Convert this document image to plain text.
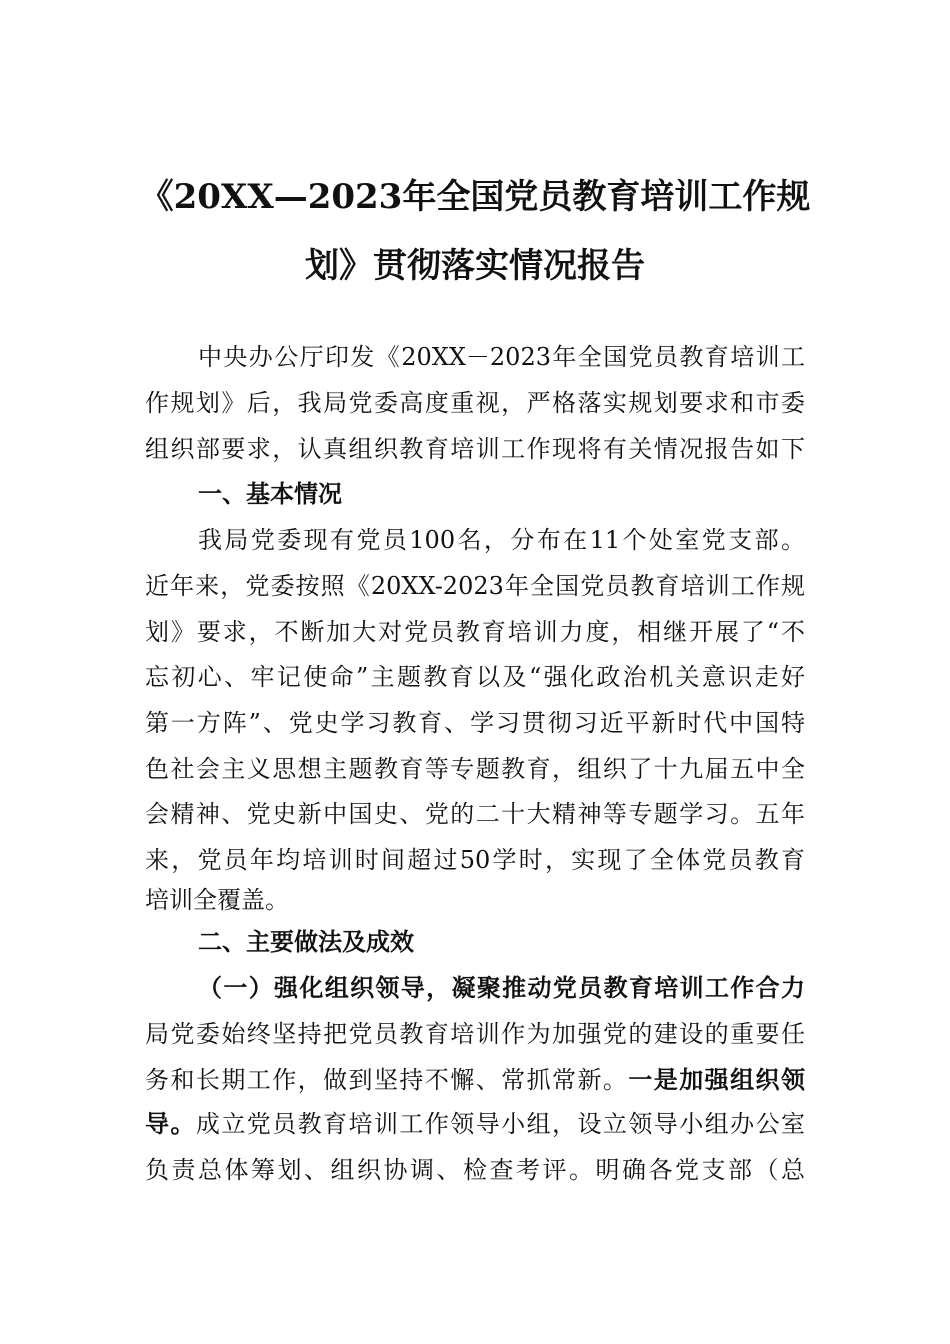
《20XX—2023年全国党员教育培训工作规
划》贯彻落实情况报告
中央办公厅印发《20XX－2023年全国党员教育培训工
作规划》后，我局党委高度重视，严格落实规划要求和市委
组织部要求，认真组织教育培训工作现将有关情况报告如下
一、基本情况
我局党委现有党员100名，分布在11个处室党支部。
近年来，党委按照《20XX-2023年全国党员教育培训工作规
划》要求，不断加大对党员教育培训力度，相继开展了“不
忘初心、牢记使命”主题教育以及“强化政治机关意识走好
第一方阵”、党史学习教育、学习贯彻习近平新时代中国特
色社会主义思想主题教育等专题教育，组织了十九届五中全
会精神、党史新中国史、党的二十大精神等专题学习。五年
来，党员年均培训时间超过50学时，实现了全体党员教育
培训全覆盖。
二、主要做法及成效
（一）强化组织领导，凝聚推动党员教育培训工作合力
局党委始终坚持把党员教育培训作为加强党的建设的重要任
务和长期工作，做到坚持不懈、常抓常新。一是加强组织领
导。成立党员教育培训工作领导小组，设立领导小组办公室
负责总体筹划、组织协调、检查考评。明确各党支部（总
